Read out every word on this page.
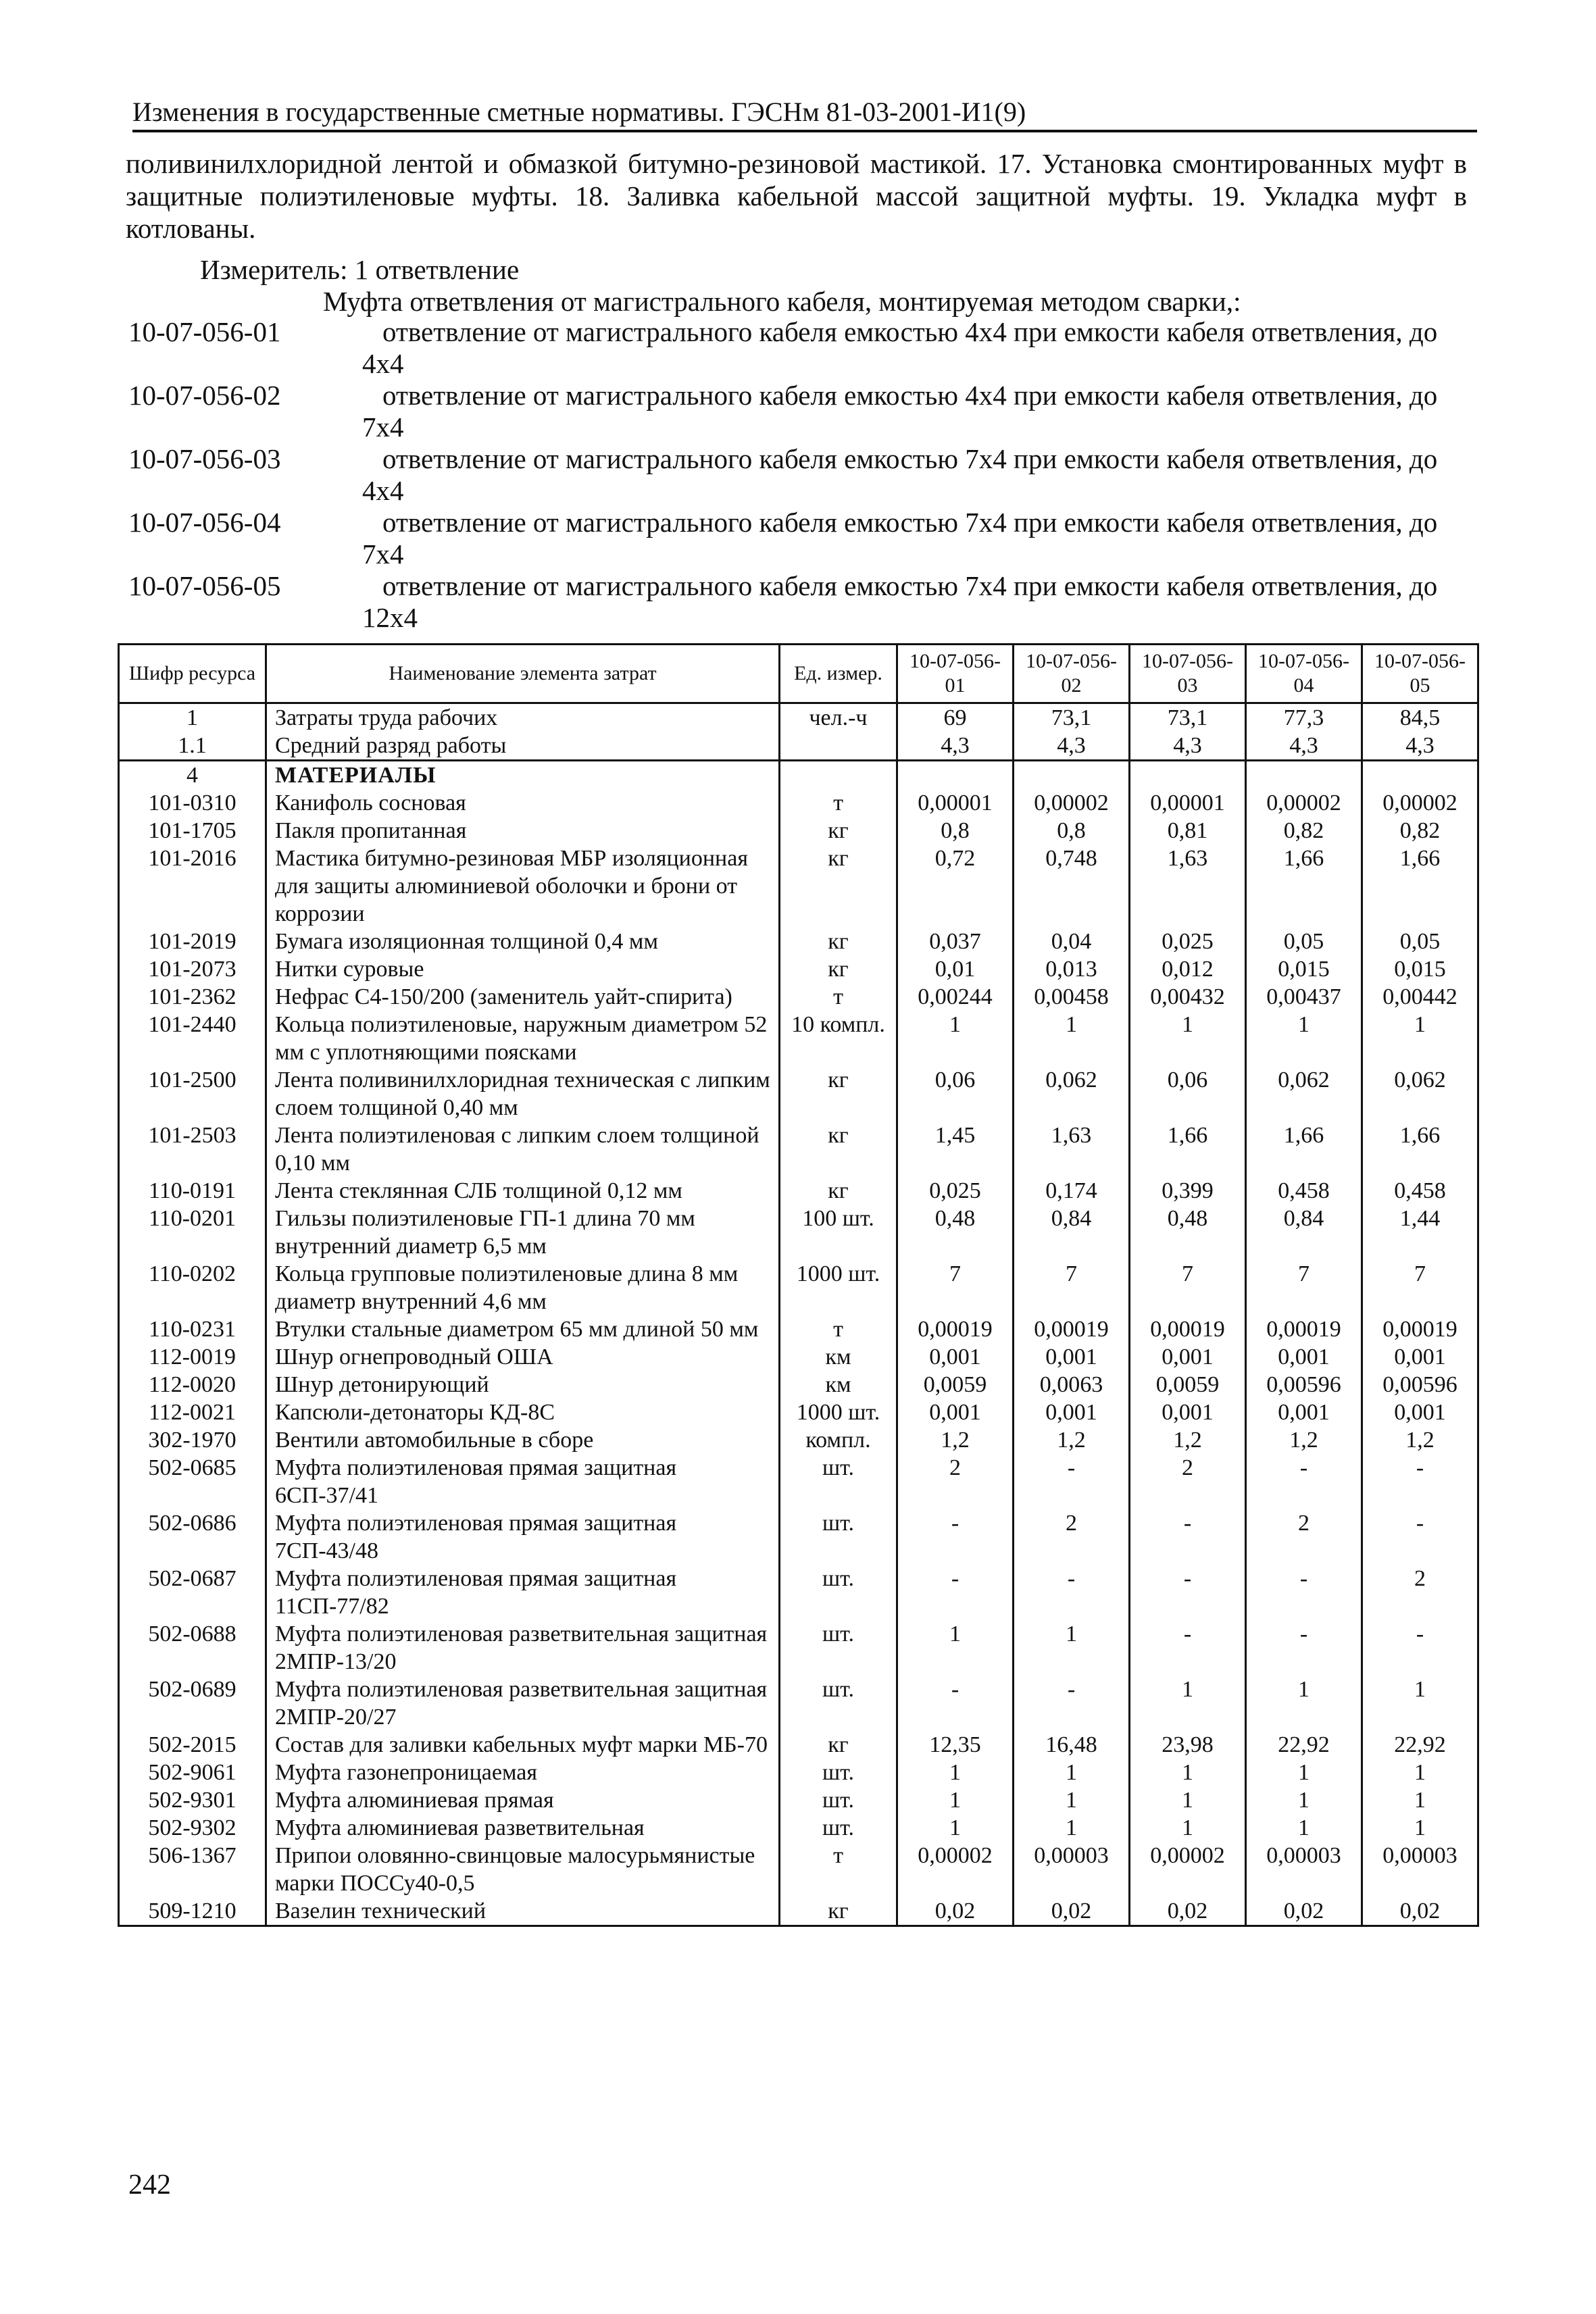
Изменения в государственные сметные нормативы. ГЭСНм 81-03-2001-И1(9)
поливинилхлоридной лентой и обмазкой битумно-резиновой мастикой. 17. Установка смонтированных муфт в защитные полиэтиленовые муфты. 18. Заливка кабельной массой защитной муфты. 19. Укладка муфт в котлованы.
Измеритель: 1 ответвление
Муфта ответвления от магистрального кабеля, монтируемая методом сварки,:
10-07-056-01	ответвление от магистрального кабеля емкостью 4х4 при емкости кабеля ответвления, до
4х4
10-07-056-02	ответвление от магистрального кабеля емкостью 4х4 при емкости кабеля ответвления, до
7х4
10-07-056-03	ответвление от магистрального кабеля емкостью 7х4 при емкости кабеля ответвления, до
4х4
10-07-056-04	ответвление от магистрального кабеля емкостью 7х4 при емкости кабеля ответвления, до
7х4
10-07-056-05	ответвление от магистрального кабеля емкостью 7х4 при емкости кабеля ответвления, до
12х4
Шифр ресурса	Наименование элемента затрат	Ед. измер.	10-07-056-01	10-07-056-02	10-07-056-03	10-07-056-04	10-07-056-05
1	Затраты труда рабочих	чел.-ч	69	73,1	73,1	77,3	84,5
1.1	Средний разряд работы		4,3	4,3	4,3	4,3	4,3
4	МАТЕРИАЛЫ						
101-0310	Канифоль сосновая	т	0,00001	0,00002	0,00001	0,00002	0,00002
101-1705	Пакля пропитанная	кг	0,8	0,8	0,81	0,82	0,82
101-2016	Мастика битумно-резиновая МБР изоляционная для защиты алюминиевой оболочки и брони от коррозии	кг	0,72	0,748	1,63	1,66	1,66
101-2019	Бумага изоляционная толщиной 0,4 мм	кг	0,037	0,04	0,025	0,05	0,05
101-2073	Нитки суровые	кг	0,01	0,013	0,012	0,015	0,015
101-2362	Нефрас С4-150/200 (заменитель уайт-спирита)	т	0,00244	0,00458	0,00432	0,00437	0,00442
101-2440	Кольца полиэтиленовые, наружным диаметром 52 мм с уплотняющими поясками	10 компл.	1	1	1	1	1
101-2500	Лента поливинилхлоридная техническая с липким слоем толщиной 0,40 мм	кг	0,06	0,062	0,06	0,062	0,062
101-2503	Лента полиэтиленовая с липким слоем толщиной 0,10 мм	кг	1,45	1,63	1,66	1,66	1,66
110-0191	Лента стеклянная СЛБ толщиной 0,12 мм	кг	0,025	0,174	0,399	0,458	0,458
110-0201	Гильзы полиэтиленовые ГП-1 длина 70 мм внутренний диаметр 6,5 мм	100 шт.	0,48	0,84	0,48	0,84	1,44
110-0202	Кольца групповые полиэтиленовые длина 8 мм диаметр внутренний 4,6 мм	1000 шт.	7	7	7	7	7
110-0231	Втулки стальные диаметром 65 мм длиной 50 мм	т	0,00019	0,00019	0,00019	0,00019	0,00019
112-0019	Шнур огнепроводный ОША	км	0,001	0,001	0,001	0,001	0,001
112-0020	Шнур детонирующий	км	0,0059	0,0063	0,0059	0,00596	0,00596
112-0021	Капсюли-детонаторы КД-8С	1000 шт.	0,001	0,001	0,001	0,001	0,001
302-1970	Вентили автомобильные в сборе	компл.	1,2	1,2	1,2	1,2	1,2
502-0685	Муфта полиэтиленовая прямая защитная 6СП-37/41	шт.	2	-	2	-	-
502-0686	Муфта полиэтиленовая прямая защитная 7СП-43/48	шт.	-	2	-	2	-
502-0687	Муфта полиэтиленовая прямая защитная 11СП-77/82	шт.	-	-	-	-	2
502-0688	Муфта полиэтиленовая разветвительная защитная 2МПР-13/20	шт.	1	1	-	-	-
502-0689	Муфта полиэтиленовая разветвительная защитная 2МПР-20/27	шт.	-	-	1	1	1
502-2015	Состав для заливки кабельных муфт марки МБ-70	кг	12,35	16,48	23,98	22,92	22,92
502-9061	Муфта газонепроницаемая	шт.	1	1	1	1	1
502-9301	Муфта алюминиевая прямая	шт.	1	1	1	1	1
502-9302	Муфта алюминиевая разветвительная	шт.	1	1	1	1	1
506-1367	Припои оловянно-свинцовые малосурьмянистые марки ПОССу40-0,5	т	0,00002	0,00003	0,00002	0,00003	0,00003
509-1210	Вазелин технический	кг	0,02	0,02	0,02	0,02	0,02
242
